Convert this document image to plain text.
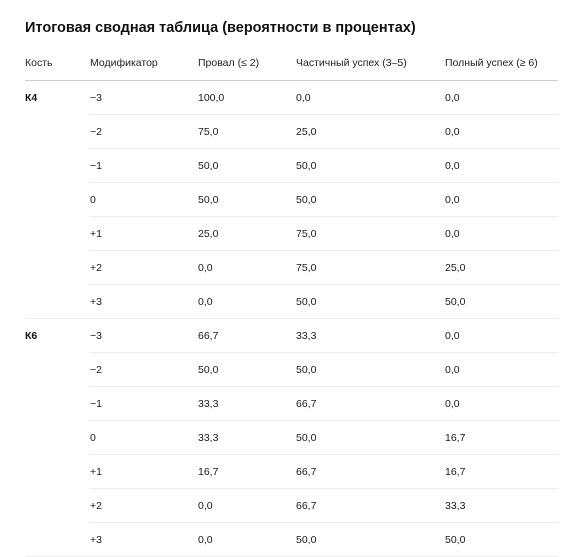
Итоговая сводная таблица (вероятности в процентах)
Кость	Модификатор	Провал (≤ 2)	Частичный успех (3–5)	Полный успех (≥ 6)
К4	−3	100,0	0,0	0,0
	−2	75,0	25,0	0,0
	−1	50,0	50,0	0,0
	0	50,0	50,0	0,0
	+1	25,0	75,0	0,0
	+2	0,0	75,0	25,0
	+3	0,0	50,0	50,0
К6	−3	66,7	33,3	0,0
	−2	50,0	50,0	0,0
	−1	33,3	66,7	0,0
	0	33,3	50,0	16,7
	+1	16,7	66,7	16,7
	+2	0,0	66,7	33,3
	+3	0,0	50,0	50,0
